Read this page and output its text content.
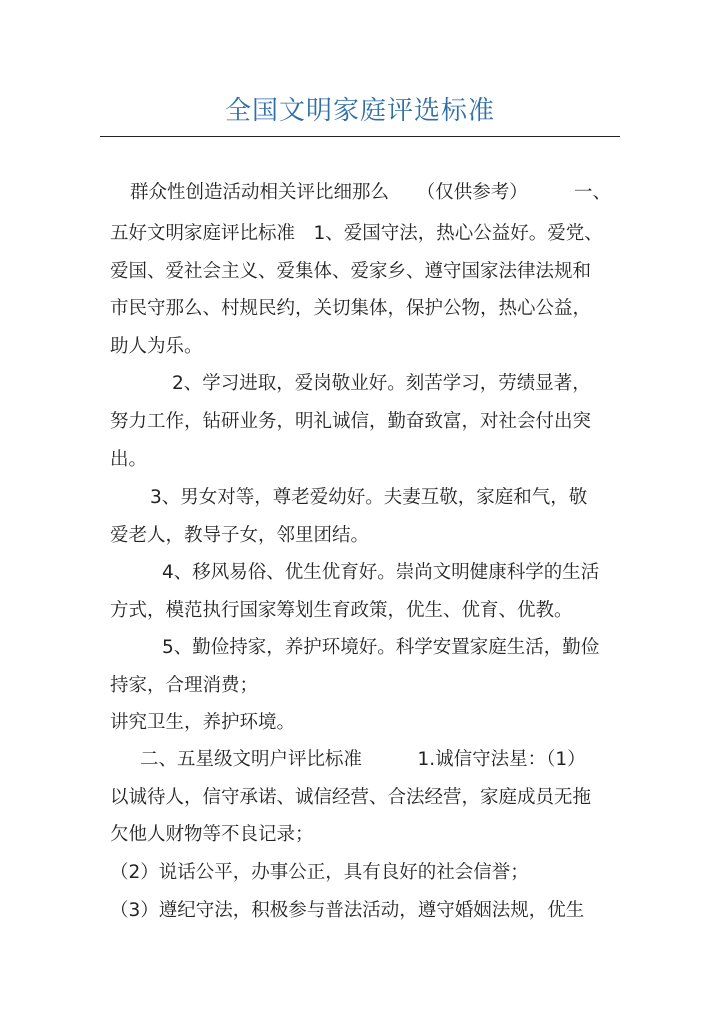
全国文明家庭评选标准
群众性创造活动相关评比细那么　　（仅供参考）　　　一、
五好文明家庭评比标准　1、爱国守法，热心公益好。爱党、
爱国、爱社会主义、爱集体、爱家乡、遵守国家法律法规和
市民守那么、村规民约，关切集体，保护公物，热心公益，
助人为乐。
2、学习进取，爱岗敬业好。刻苦学习，劳绩显著，
努力工作，钻研业务，明礼诚信，勤奋致富，对社会付出突
出。
3、男女对等，尊老爱幼好。夫妻互敬，家庭和气，敬
爱老人，教导子女，邻里团结。
4、移风易俗、优生优育好。崇尚文明健康科学的生活
方式，模范执行国家筹划生育政策，优生、优育、优教。
5、勤俭持家，养护环境好。科学安置家庭生活，勤俭
持家，合理消费；
讲究卫生，养护环境。
二、五星级文明户评比标准　　　1.诚信守法星：（1）
以诚待人，信守承诺、诚信经营、合法经营，家庭成员无拖
欠他人财物等不良记录；
（2）说话公平，办事公正，具有良好的社会信誉；
（3）遵纪守法，积极参与普法活动，遵守婚姻法规，优生
